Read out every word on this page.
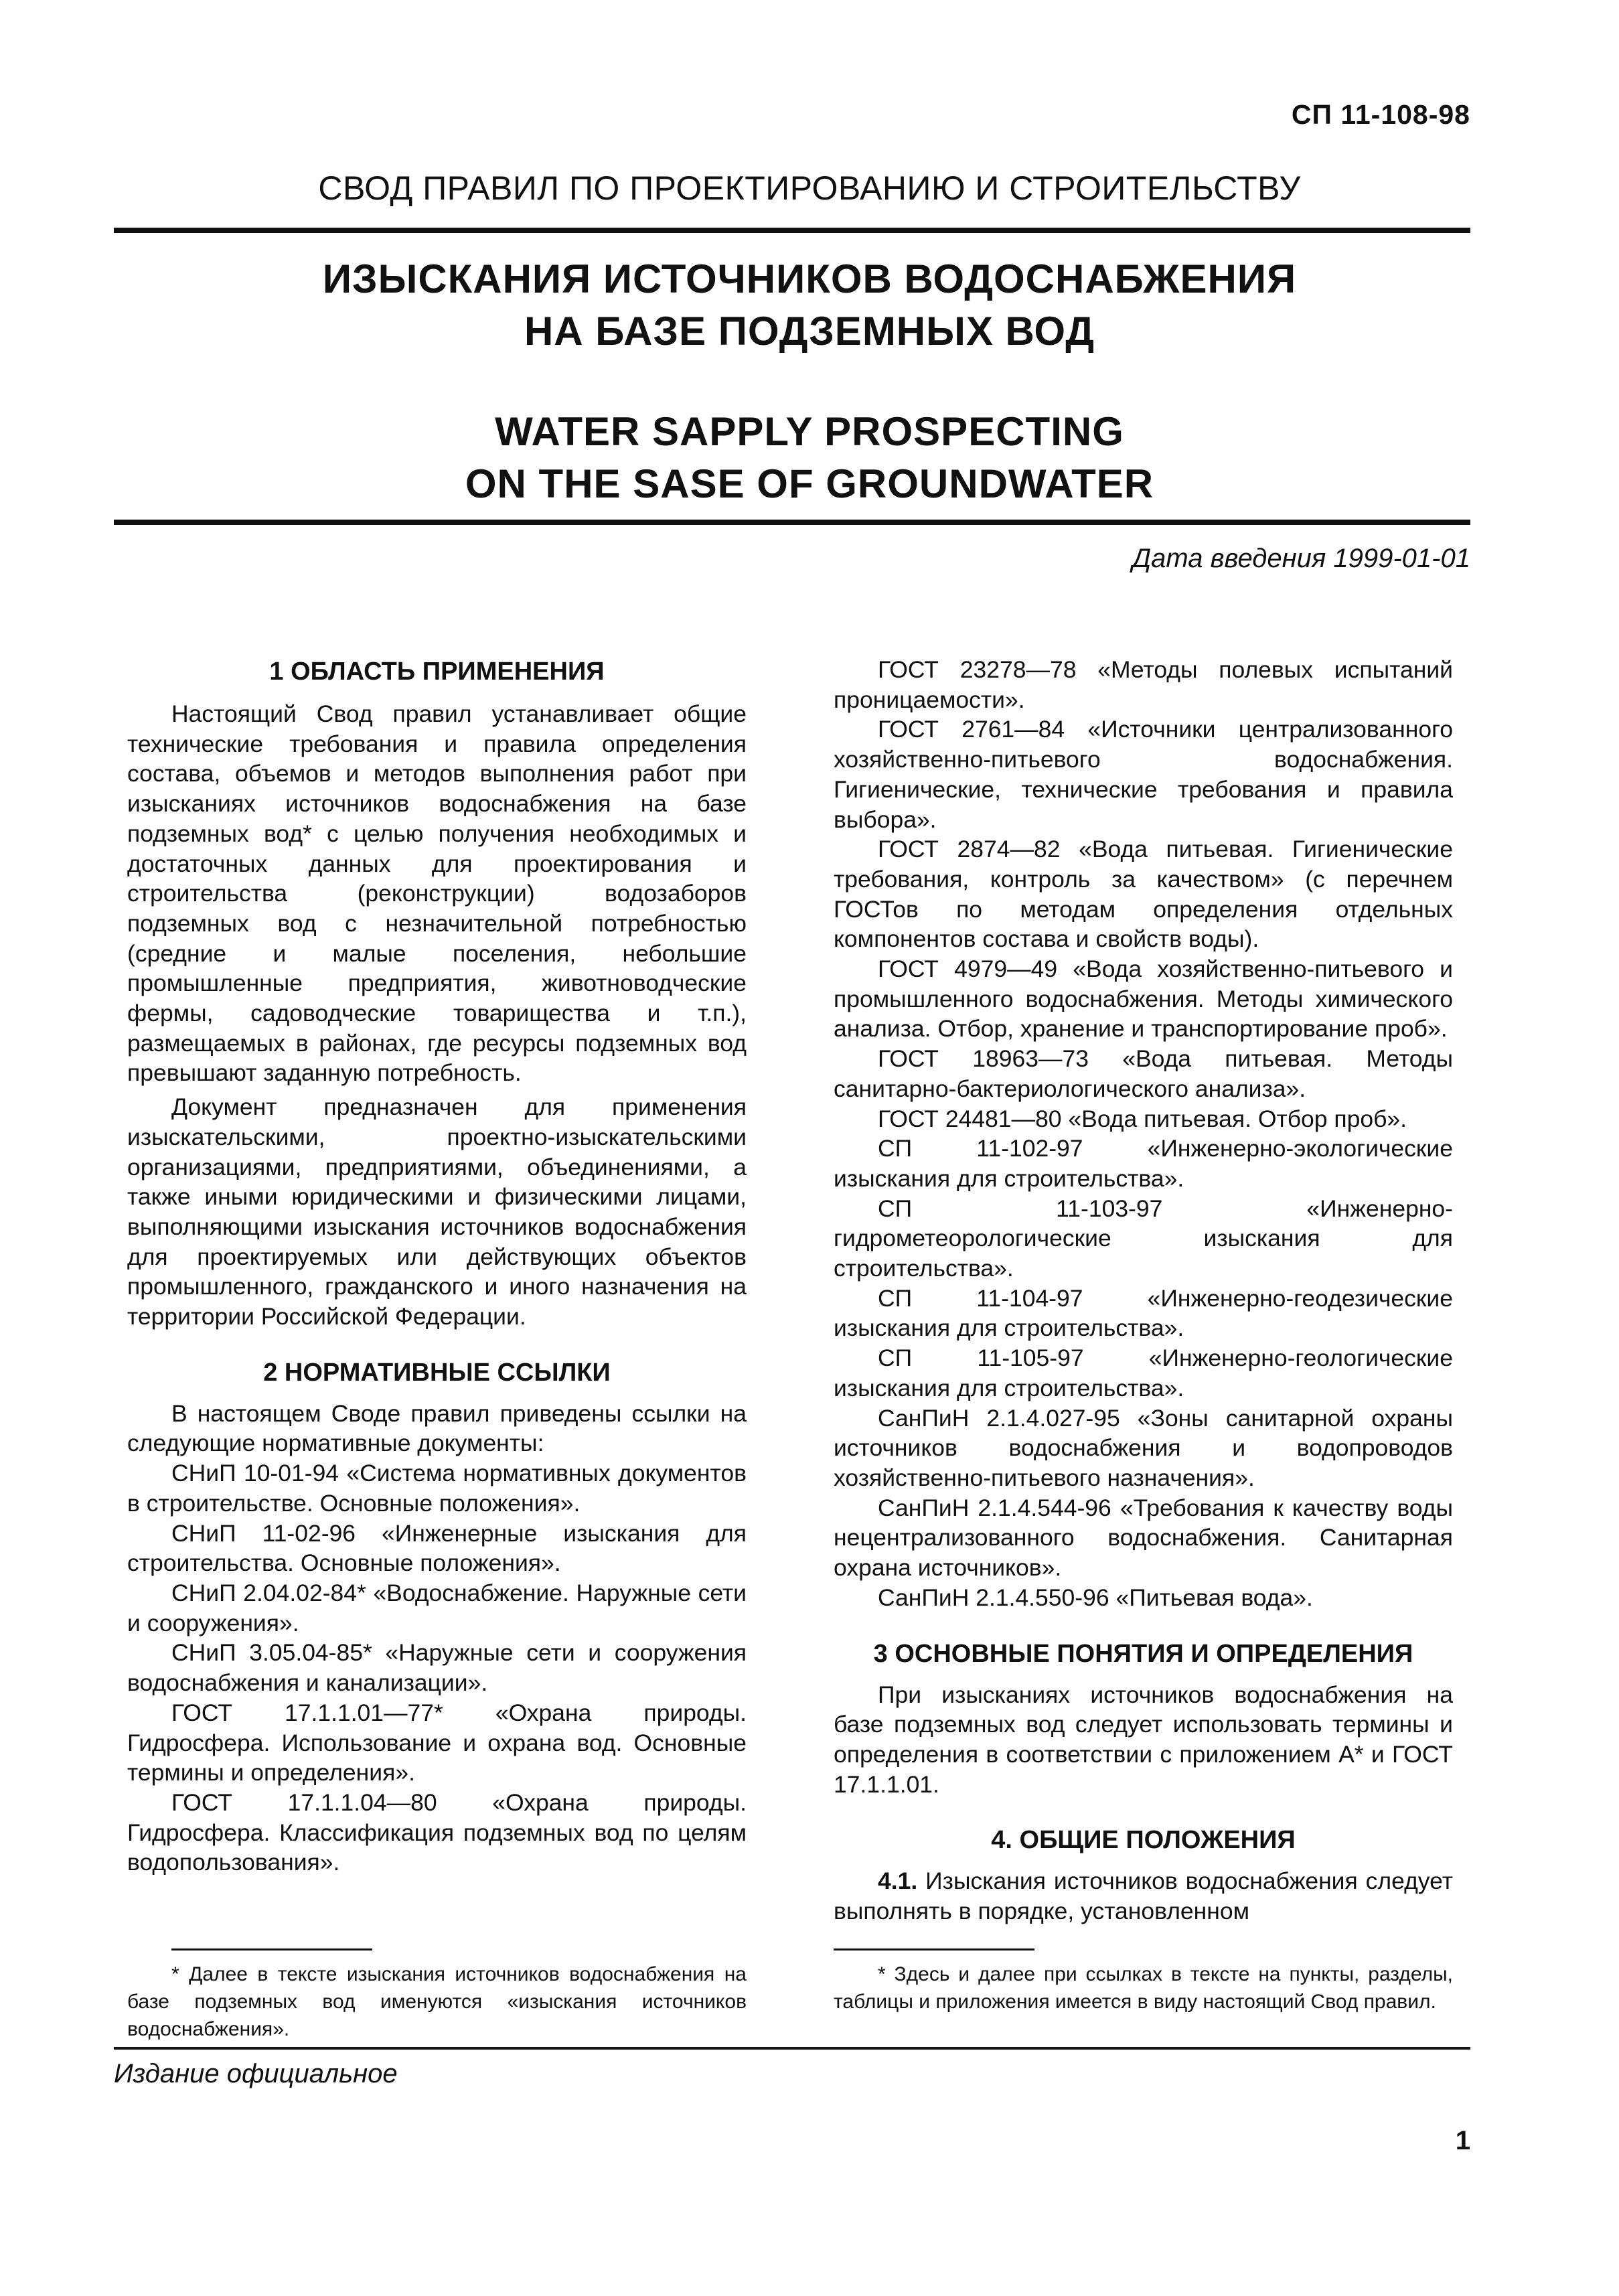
СП 11-108-98
СВОД ПРАВИЛ ПО ПРОЕКТИРОВАНИЮ И СТРОИТЕЛЬСТВУ
ИЗЫСКАНИЯ ИСТОЧНИКОВ ВОДОСНАБЖЕНИЯ
НА БАЗЕ ПОДЗЕМНЫХ ВОД
WATER SAPPLY PROSPECTING
ON THE SASE OF GROUNDWATER
Дата введения 1999-01-01
1 ОБЛАСТЬ ПРИМЕНЕНИЯ

Настоящий Свод правил устанавливает общие технические требования и правила определения состава, объемов и методов выполнения работ при изысканиях источников водоснабжения на базе подземных вод* с целью получения необходимых и достаточных данных для проектирования и строительства (реконструкции) водозаборов подземных вод с незначительной потребностью (средние и малые поселения, небольшие промышленные предприятия, животноводческие фермы, садоводческие товарищества и т.п.), размещаемых в районах, где ресурсы подземных вод превышают заданную потребность.

Документ предназначен для применения изыскательскими, проектно-изыскательскими организациями, предприятиями, объединениями, а также иными юридическими и физическими лицами, выполняющими изыскания источников водоснабжения для проектируемых или действующих объектов промышленного, гражданского и иного назначения на территории Российской Федерации.

2 НОРМАТИВНЫЕ ССЫЛКИ

В настоящем Своде правил приведены ссылки на следующие нормативные документы:

СНиП 10-01-94 «Система нормативных документов в строительстве. Основные положения».

СНиП 11-02-96 «Инженерные изыскания для строительства. Основные положения».

СНиП 2.04.02-84* «Водоснабжение. Наружные сети и сооружения».

СНиП 3.05.04-85* «Наружные сети и сооружения водоснабжения и канализации».

ГОСТ 17.1.1.01—77* «Охрана природы. Гидросфера. Использование и охрана вод. Основные термины и определения».

ГОСТ 17.1.1.04—80 «Охрана природы. Гидросфера. Классификация подземных вод по целям водопользования».

ГОСТ 23278—78 «Методы полевых испытаний проницаемости».

ГОСТ 2761—84 «Источники централизованного хозяйственно-питьевого водоснабжения. Гигиенические, технические требования и правила выбора».

ГОСТ 2874—82 «Вода питьевая. Гигиенические требования, контроль за качеством» (с перечнем ГОСТов по методам определения отдельных компонентов состава и свойств воды).

ГОСТ 4979—49 «Вода хозяйственно-питьевого и промышленного водоснабжения. Методы химического анализа. Отбор, хранение и транспортирование проб».

ГОСТ 18963—73 «Вода питьевая. Методы санитарно-бактериологического анализа».

ГОСТ 24481—80 «Вода питьевая. Отбор проб».

СП 11-102-97 «Инженерно-экологические изыскания для строительства».

СП 11-103-97 «Инженерно-гидрометеорологические изыскания для строительства».

СП 11-104-97 «Инженерно-геодезические изыскания для строительства».

СП 11-105-97 «Инженерно-геологические изыскания для строительства».

СанПиН 2.1.4.027-95 «Зоны санитарной охраны источников водоснабжения и водопроводов хозяйственно-питьевого назначения».

СанПиН 2.1.4.544-96 «Требования к качеству воды нецентрализованного водоснабжения. Санитарная охрана источников».

СанПиН 2.1.4.550-96 «Питьевая вода».

3 ОСНОВНЫЕ ПОНЯТИЯ И ОПРЕДЕЛЕНИЯ

При изысканиях источников водоснабжения на базе подземных вод следует использовать термины и определения в соответствии с приложением А* и ГОСТ 17.1.1.01.

4. ОБЩИЕ ПОЛОЖЕНИЯ

4.1. Изыскания источников водоснабжения следует выполнять в порядке, установленном

* Далее в тексте изыскания источников водоснабжения на базе подземных вод именуются «изыскания источников водоснабжения».
* Здесь и далее при ссылках в тексте на пункты, разделы, таблицы и приложения имеется в виду настоящий Свод правил.
Издание официальное
1
